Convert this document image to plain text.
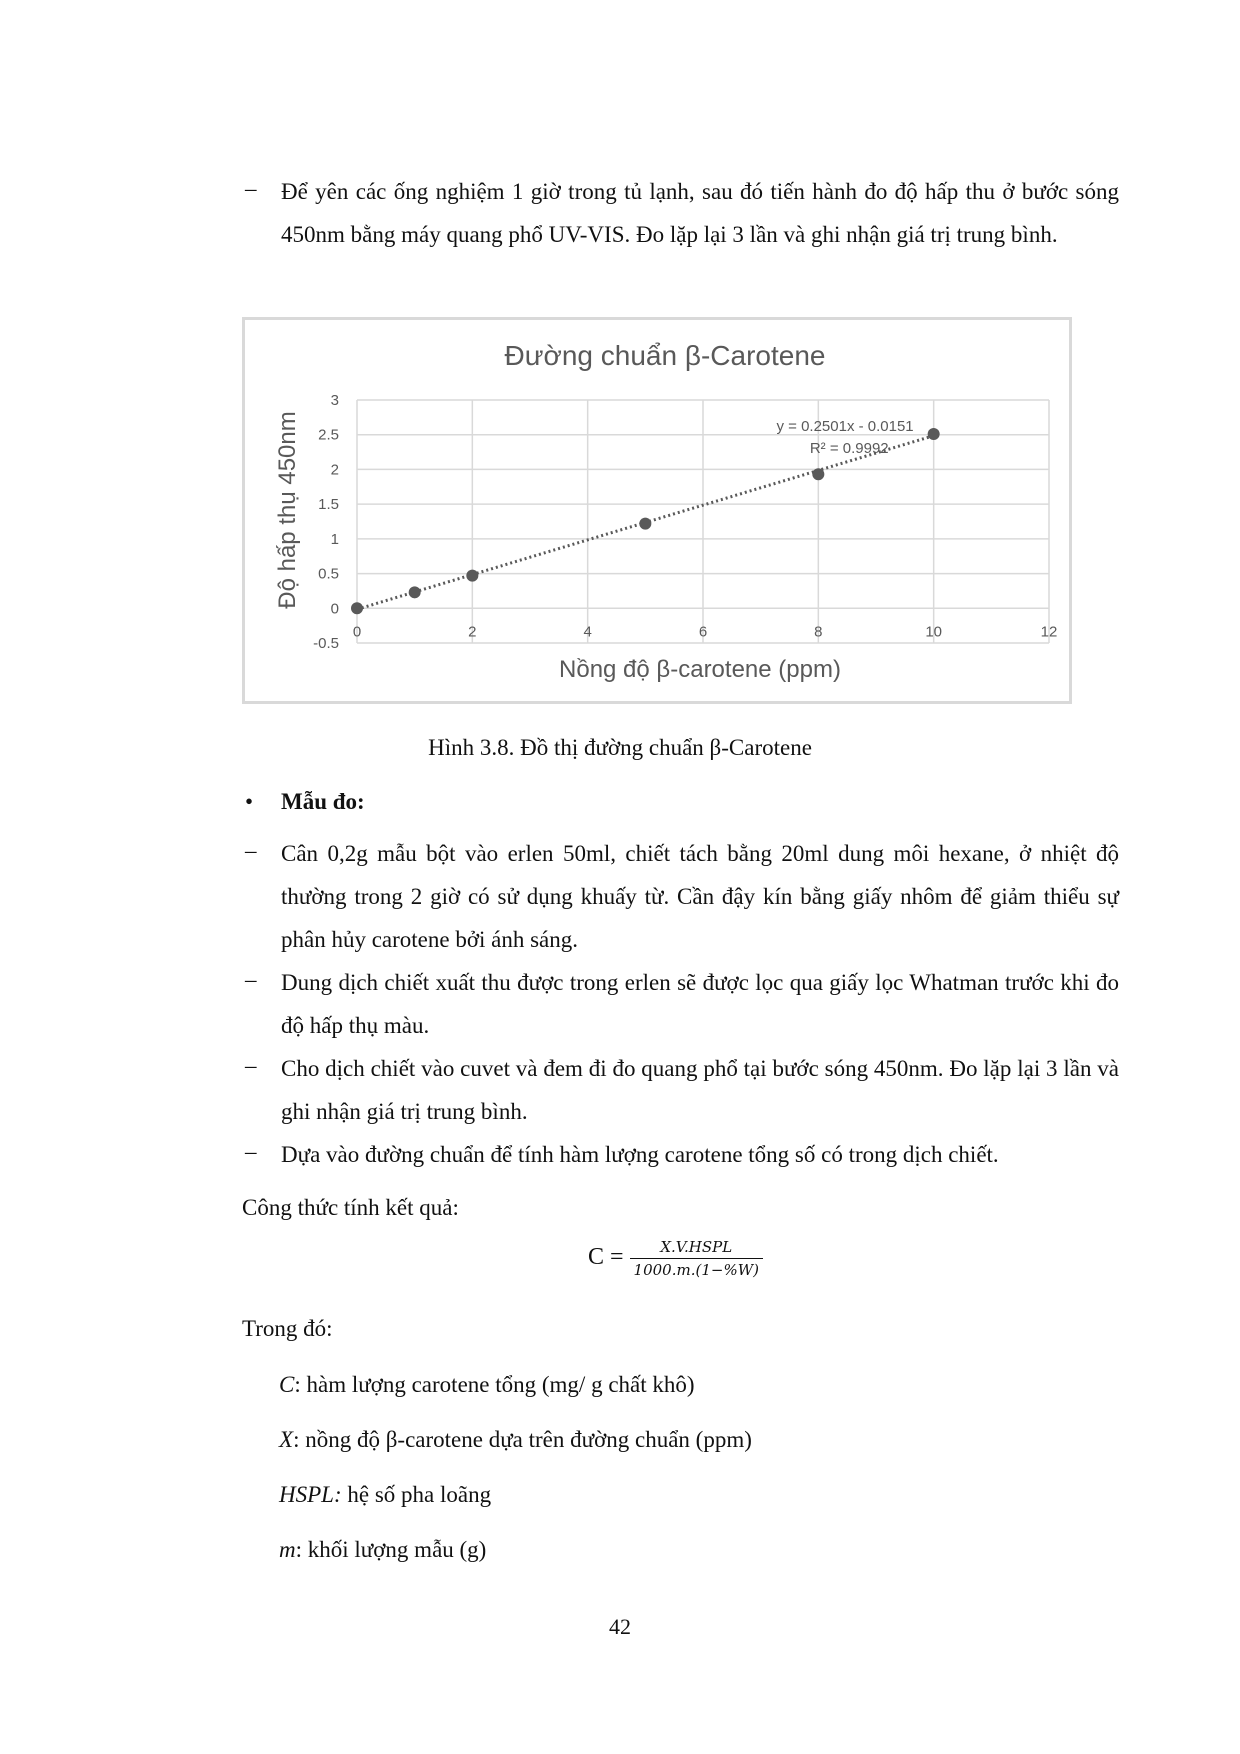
– Để yên các ống nghiệm 1 giờ trong tủ lạnh, sau đó tiến hành đo độ hấp thu ở bước sóng 450nm bằng máy quang phổ UV-VIS. Đo lặp lại 3 lần và ghi nhận giá trị trung bình.
Đường chuẩn β-Carotene
0	2	4	6	8	10	12
-0.5
0
0.5
1
1.5
2
2.5
3
y = 0.2501x - 0.0151
R² = 0.9992
Nồng độ β-carotene (ppm)
Độ hấp thụ 450nm
Hình 3.8. Đồ thị đường chuẩn β-Carotene
• Mẫu đo:
– Cân 0,2g mẫu bột vào erlen 50ml, chiết tách bằng 20ml dung môi hexane, ở nhiệt độ thường trong 2 giờ có sử dụng khuấy từ. Cần đậy kín bằng giấy nhôm để giảm thiểu sự phân hủy carotene bởi ánh sáng.
– Dung dịch chiết xuất thu được trong erlen sẽ được lọc qua giấy lọc Whatman trước khi đo độ hấp thụ màu.
– Cho dịch chiết vào cuvet và đem đi đo quang phổ tại bước sóng 450nm. Đo lặp lại 3 lần và ghi nhận giá trị trung bình.
– Dựa vào đường chuẩn để tính hàm lượng carotene tổng số có trong dịch chiết.
Công thức tính kết quả:
$C = \frac{\text{X.V.HSPL}}{1000.m.(1-\%W)}$
Trong đó:
C: hàm lượng carotene tổng (mg/ g chất khô)
X: nồng độ β-carotene dựa trên đường chuẩn (ppm)
HSPL: hệ số pha loãng
m: khối lượng mẫu (g)
42
